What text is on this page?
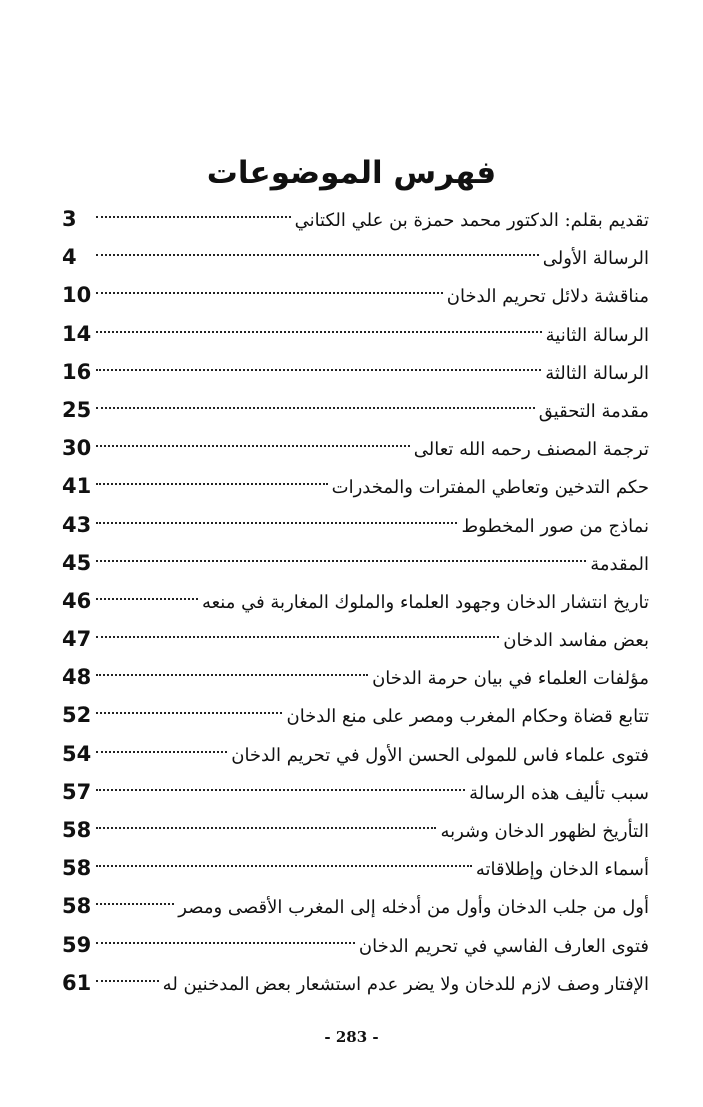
فهرس الموضوعات
3	تقديم بقلم: الدكتور محمد حمزة بن علي الكتاني
4	الرسالة الأولى
10	مناقشة دلائل تحريم الدخان
14	الرسالة الثانية
16	الرسالة الثالثة
25	مقدمة التحقيق
30	ترجمة المصنف رحمه الله تعالى
41	حكم التدخين وتعاطي المفترات والمخدرات
43	نماذج من صور المخطوط
45	المقدمة
46	تاريخ انتشار الدخان وجهود العلماء والملوك المغاربة في منعه
47	بعض مفاسد الدخان
48	مؤلفات العلماء في بيان حرمة الدخان
52	تتابع قضاة وحكام المغرب ومصر على منع الدخان
54	فتوى علماء فاس للمولى الحسن الأول في تحريم الدخان
57	سبب تأليف هذه الرسالة
58	التأريخ لظهور الدخان وشربه
58	أسماء الدخان وإطلاقاته
58	أول من جلب الدخان وأول من أدخله إلى المغرب الأقصى ومصر
59	فتوى العارف الفاسي في تحريم الدخان
61	الإفتار وصف لازم للدخان ولا يضر عدم استشعار بعض المدخنين له
- 283 -
